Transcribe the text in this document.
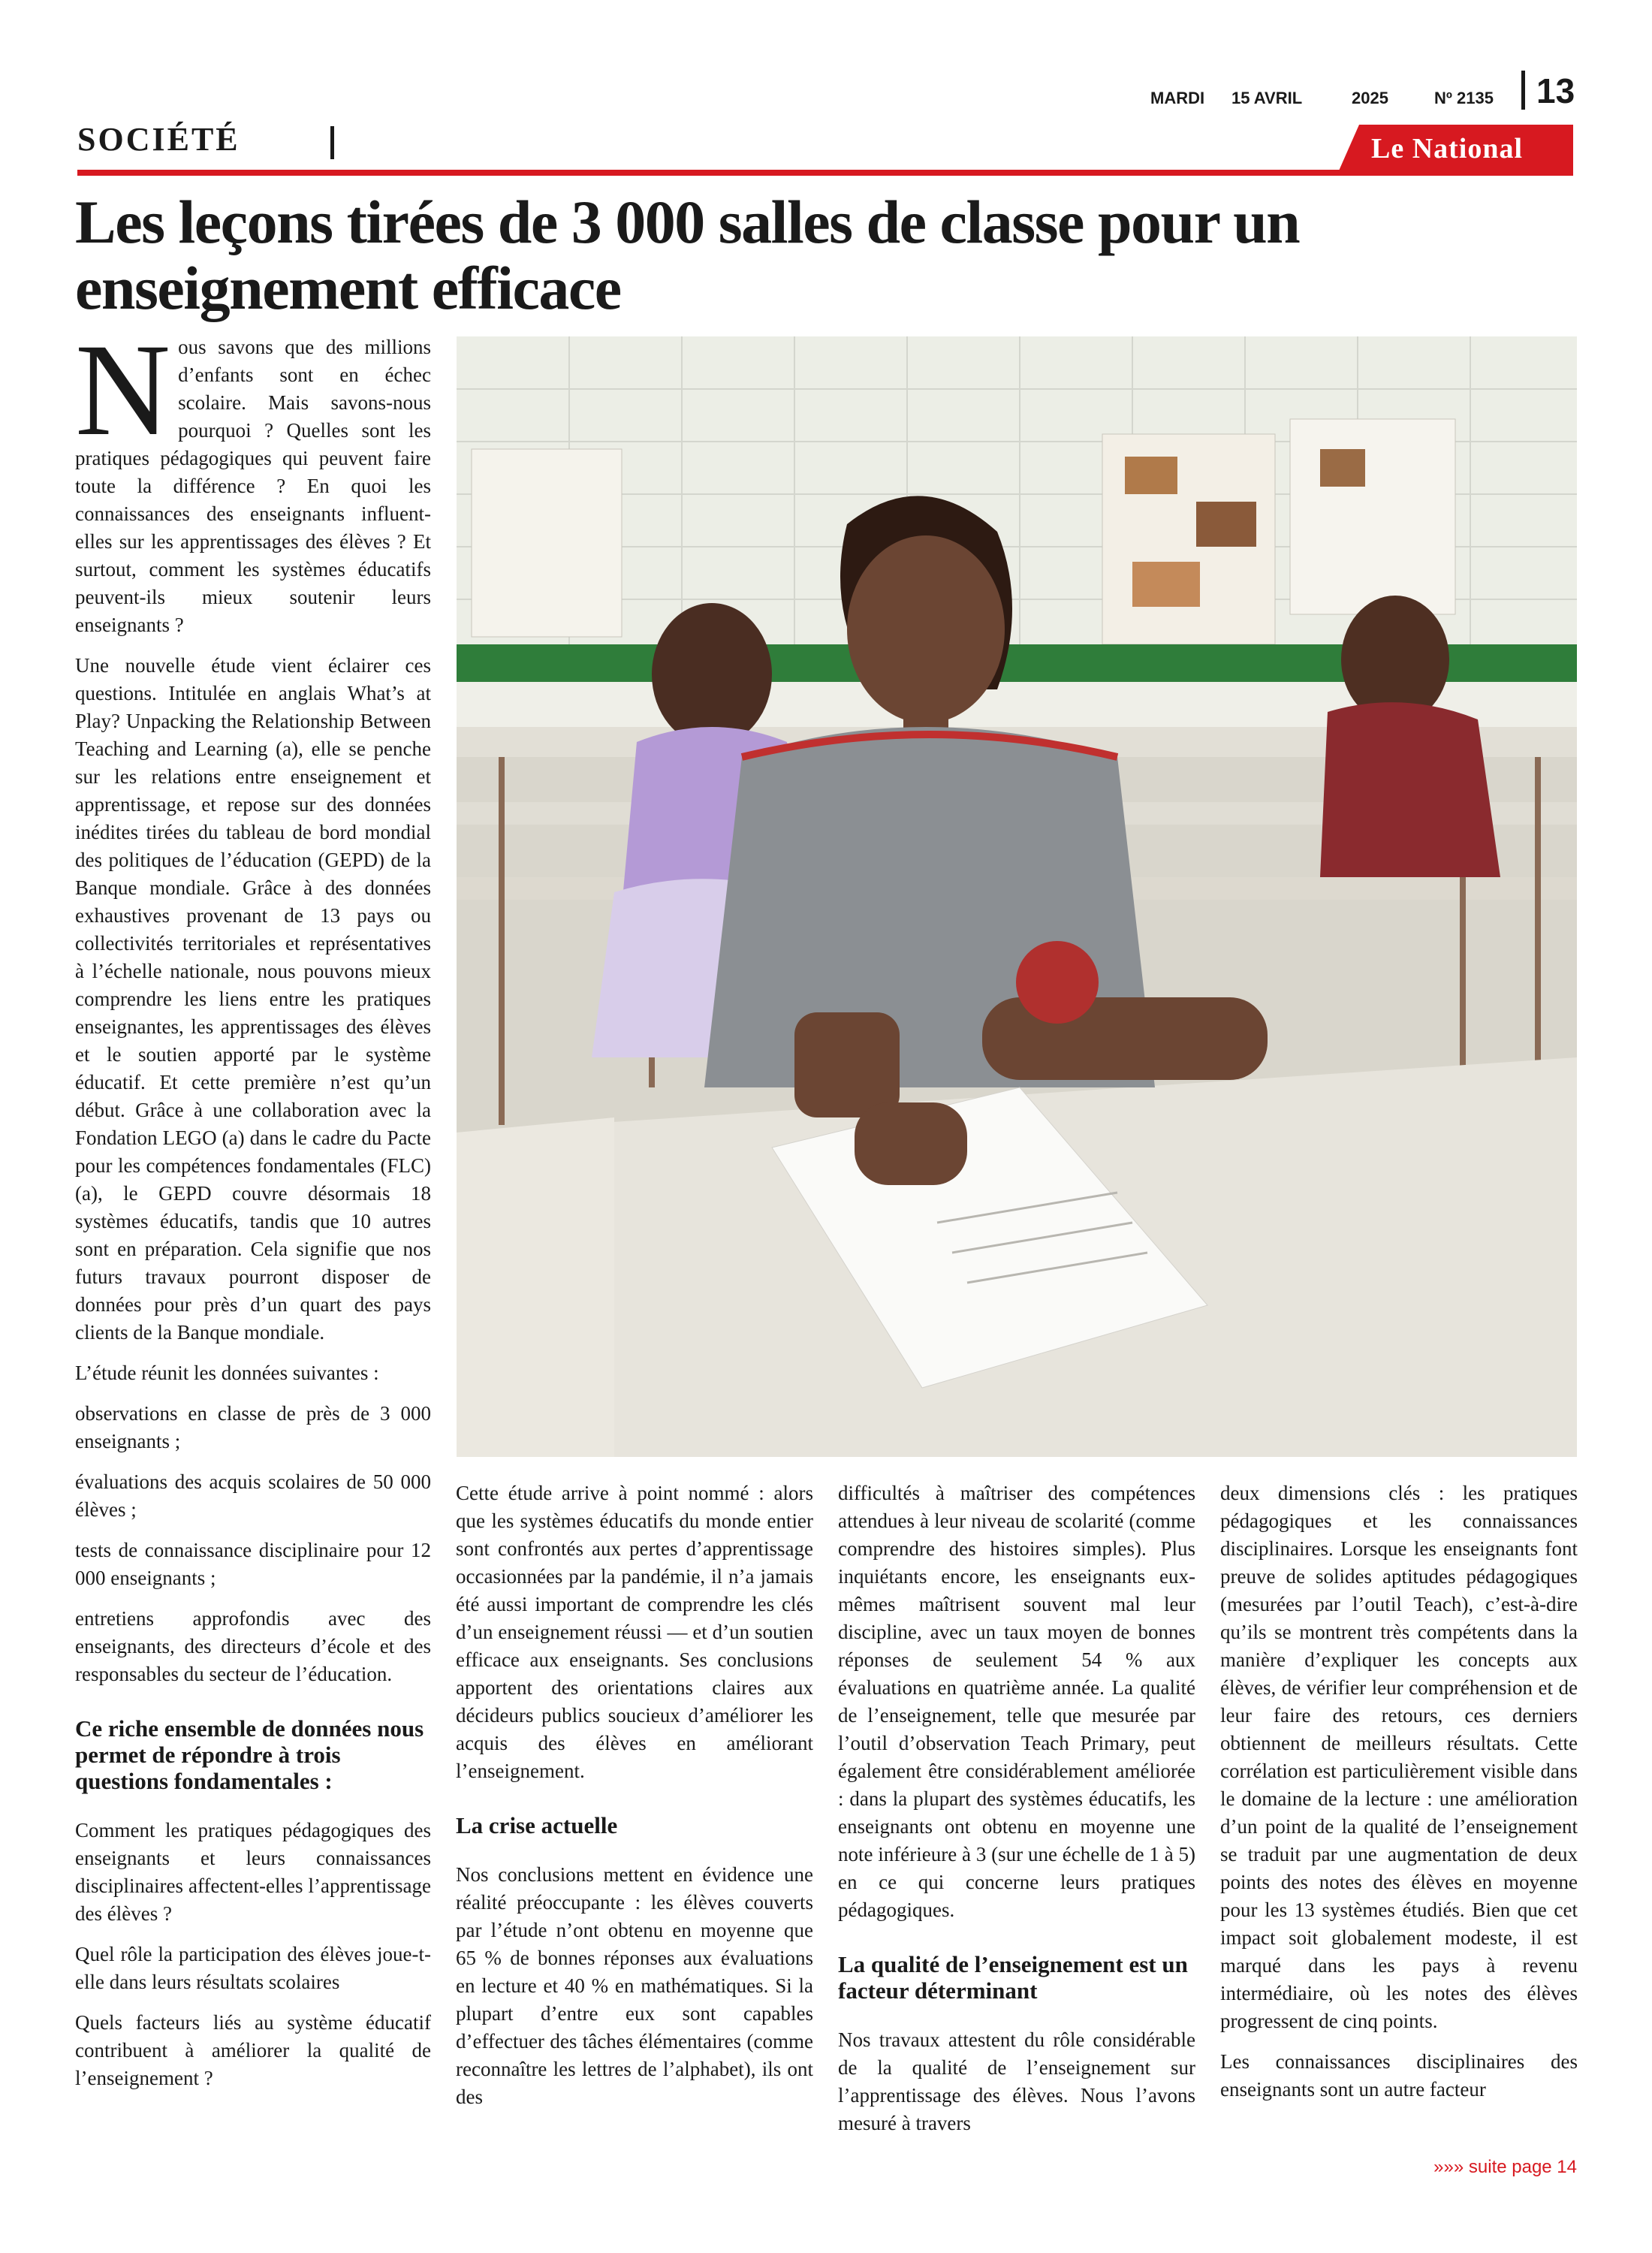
SOCIÉTÉ
MARDI 15 AVRIL	2025	Nº 2135 13
Le National
Les leçons tirées de 3 000 salles de classe pour un enseignement efficace

Nous savons que des millions d’enfants sont en échec scolaire. Mais savons-nous pourquoi ? Quelles sont les pratiques pédagogiques qui peuvent faire toute la différence ? En quoi les connaissances des enseignants influent-elles sur les apprentissages des élèves ? Et surtout, comment les systèmes éducatifs peuvent-ils mieux soutenir leurs enseignants ?

Une nouvelle étude vient éclairer ces questions. Intitulée en anglais What’s at Play? Unpacking the Relationship Between Teaching and Learning (a), elle se penche sur les relations entre enseignement et apprentissage, et repose sur des données inédites tirées du tableau de bord mondial des politiques de l’éducation (GEPD) de la Banque mondiale. Grâce à des données exhaustives provenant de 13 pays ou collectivités territoriales et représentatives à l’échelle nationale, nous pouvons mieux comprendre les liens entre les pratiques enseignantes, les apprentissages des élèves et le soutien apporté par le système éducatif. Et cette première n’est qu’un début. Grâce à une collaboration avec la Fondation LEGO (a) dans le cadre du Pacte pour les compétences fondamentales (FLC) (a), le GEPD couvre désormais 18 systèmes éducatifs, tandis que 10 autres sont en préparation. Cela signifie que nos futurs travaux pourront disposer de données pour près d’un quart des pays clients de la Banque mondiale.

L’étude réunit les données suivantes :

observations en classe de près de 3 000 enseignants ;

évaluations des acquis scolaires de 50 000 élèves ;

tests de connaissance disciplinaire pour 12 000 enseignants ;

entretiens approfondis avec des enseignants, des directeurs d’école et des responsables du secteur de l’éducation.

Ce riche ensemble de données nous permet de répondre à trois questions fondamentales :

Comment les pratiques pédagogiques des enseignants et leurs connaissances disciplinaires affectent-elles l’apprentissage des élèves ?

Quel rôle la participation des élèves joue-t-elle dans leurs résultats scolaires

Quels facteurs liés au système éducatif contribuent à améliorer la qualité de l’enseignement ?

Cette étude arrive à point nommé : alors que les systèmes éducatifs du monde entier sont confrontés aux pertes d’apprentissage occasionnées par la pandémie, il n’a jamais été aussi important de comprendre les clés d’un enseignement réussi — et d’un soutien efficace aux enseignants. Ses conclusions apportent des orientations claires aux décideurs publics soucieux d’améliorer les acquis des élèves en améliorant l’enseignement.

La crise actuelle

Nos conclusions mettent en évidence une réalité préoccupante : les élèves couverts par l’étude n’ont obtenu en moyenne que 65 % de bonnes réponses aux évaluations en lecture et 40 % en mathématiques. Si la plupart d’entre eux sont capables d’effectuer des tâches élémentaires (comme reconnaître les lettres de l’alphabet), ils ont des

difficultés à maîtriser des compétences attendues à leur niveau de scolarité (comme comprendre des histoires simples). Plus inquiétants encore, les enseignants eux-mêmes maîtrisent souvent mal leur discipline, avec un taux moyen de bonnes réponses de seulement 54 % aux évaluations en quatrième année. La qualité de l’enseignement, telle que mesurée par l’outil d’observation Teach Primary, peut également être considérablement améliorée : dans la plupart des systèmes éducatifs, les enseignants ont obtenu en moyenne une note inférieure à 3 (sur une échelle de 1 à 5) en ce qui concerne leurs pratiques pédagogiques.

La qualité de l’enseignement est un facteur déterminant

Nos travaux attestent du rôle considérable de la qualité de l’enseignement sur l’apprentissage des élèves. Nous l’avons mesuré à travers

deux dimensions clés : les pratiques pédagogiques et les connaissances disciplinaires. Lorsque les enseignants font preuve de solides aptitudes pédagogiques (mesurées par l’outil Teach), c’est-à-dire qu’ils se montrent très compétents dans la manière d’expliquer les concepts aux élèves, de vérifier leur compréhension et de leur faire des retours, ces derniers obtiennent de meilleurs résultats. Cette corrélation est particulièrement visible dans le domaine de la lecture : une amélioration d’un point de la qualité de l’enseignement se traduit par une augmentation de deux points des notes des élèves en moyenne pour les 13 systèmes étudiés. Bien que cet impact soit globalement modeste, il est marqué dans les pays à revenu intermédiaire, où les notes des élèves progressent de cinq points.

Les connaissances disciplinaires des enseignants sont un autre facteur

»»» suite page 14
